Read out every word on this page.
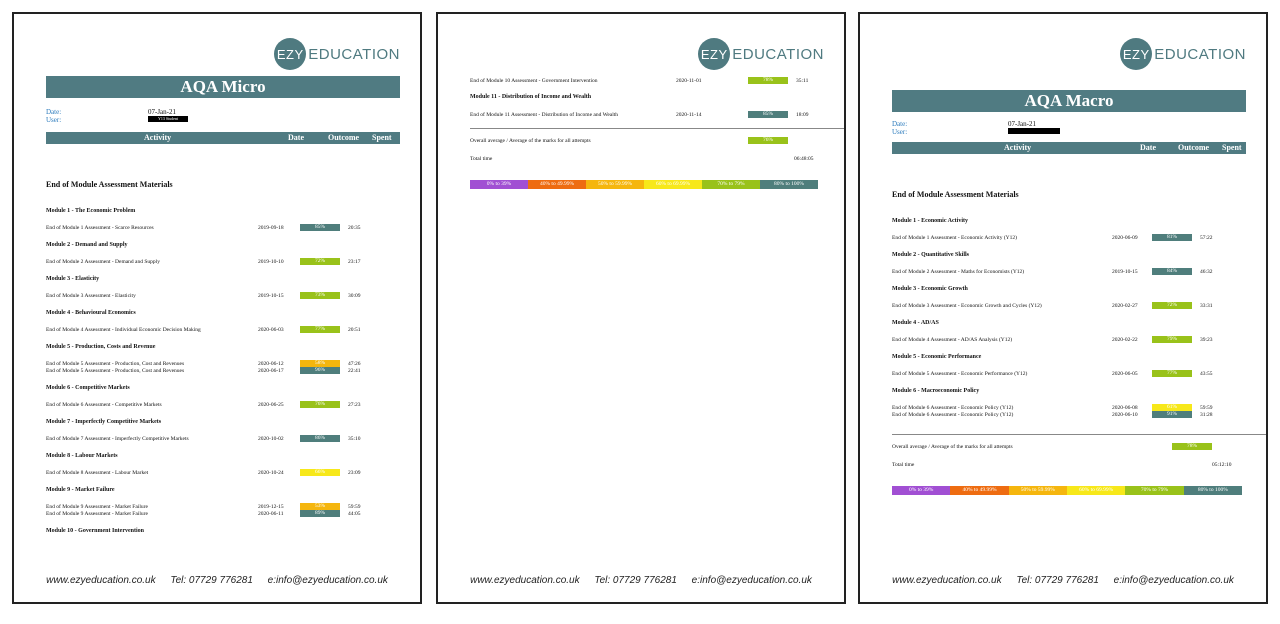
EZY EDUCATION
AQA Micro
Date:
User:
07-Jan-21
Y13 Student
Activity	Date	Outcome Spent
End of Module Assessment Materials
Module 1 - The Economic Problem
End of Module 1 Assessment - Scarce Resources	2019-09-18	85%	20:35
Module 2 - Demand and Supply
End of Module 2 Assessment - Demand and Supply	2019-10-10	72%	23:17
Module 3 - Elasticity
End of Module 3 Assessment - Elasticity	2019-10-15	73%	30:09
Module 4 - Behavioural Economics
End of Module 4 Assessment - Individual Economic Decision Making	2020-06-03	77%	20:51
Module 5 - Production, Costs and Revenue
End of Module 5 Assessment - Production, Cost and Revenues	2020-06-12	58%	47:26
End of Module 5 Assessment - Production, Cost and Revenues	2020-06-17	96%	22:41
Module 6 - Competitive Markets
End of Module 6 Assessment - Competitive Markets	2020-06-25	76%	27:23
Module 7 - Imperfectly Competitive Markets
End of Module 7 Assessment - Imperfectly Competitive Markets	2020-10-02	86%	35:10
Module 8 - Labour Markets
End of Module 8 Assessment - Labour Market	2020-10-24	66%	23:09
Module 9 - Market Failure
End of Module 9 Assessment - Market Failure	2019-12-15	53%	59:59
End of Module 9 Assessment - Market Failure	2020-06-11	89%	44:05
Module 10 - Government Intervention
www.ezyeducation.co.uk Tel: 07729 776281 e:info@ezyeducation.co.uk
EZY EDUCATION
End of Module 10 Assessment - Government Intervention	2020-11-01	78%	35:11
Module 11 - Distribution of Income and Wealth
End of Module 11 Assessment - Distribution of Income and Wealth	2020-11-14	85%	18:09
Overall average / Average of the marks for all attempts	76%
Total time	06:48:05
0% to 39%	40% to 49.99%	50% to 59.99%	60% to 69.99%	70% to 79%	80% to 100%
www.ezyeducation.co.uk Tel: 07729 776281 e:info@ezyeducation.co.uk
EZY EDUCATION
AQA Macro
Date:
User:
07-Jan-21
Activity	Date	Outcome Spent
End of Module Assessment Materials
Module 1 - Economic Activity
End of Module 1 Assessment - Economic Activity (Y12)	2020-06-09	81%	57:22
Module 2 - Quantitative Skills
End of Module 2 Assessment - Maths for Economists (Y12)	2019-10-15	84%	46:32
Module 3 - Economic Growth
End of Module 3 Assessment - Economic Growth and Cycles (Y12)	2020-02-27	72%	33:31
Module 4 - AD/AS
End of Module 4 Assessment - AD/AS Analysis (Y12)	2020-02-22	79%	39:23
Module 5 - Economic Performance
End of Module 5 Assessment - Economic Performance (Y12)	2020-06-05	77%	43:55
Module 6 - Macroeconomic Policy
End of Module 6 Assessment - Economic Policy (Y12)	2020-06-08	61%	59:59
End of Module 6 Assessment - Economic Policy (Y12)	2020-06-10	91%	31:28
Overall average / Average of the marks for all attempts	78%
Total time	05:12:10
0% to 39%	40% to 49.99%	50% to 59.99%	60% to 69.99%	70% to 79%	80% to 100%
www.ezyeducation.co.uk Tel: 07729 776281 e:info@ezyeducation.co.uk
